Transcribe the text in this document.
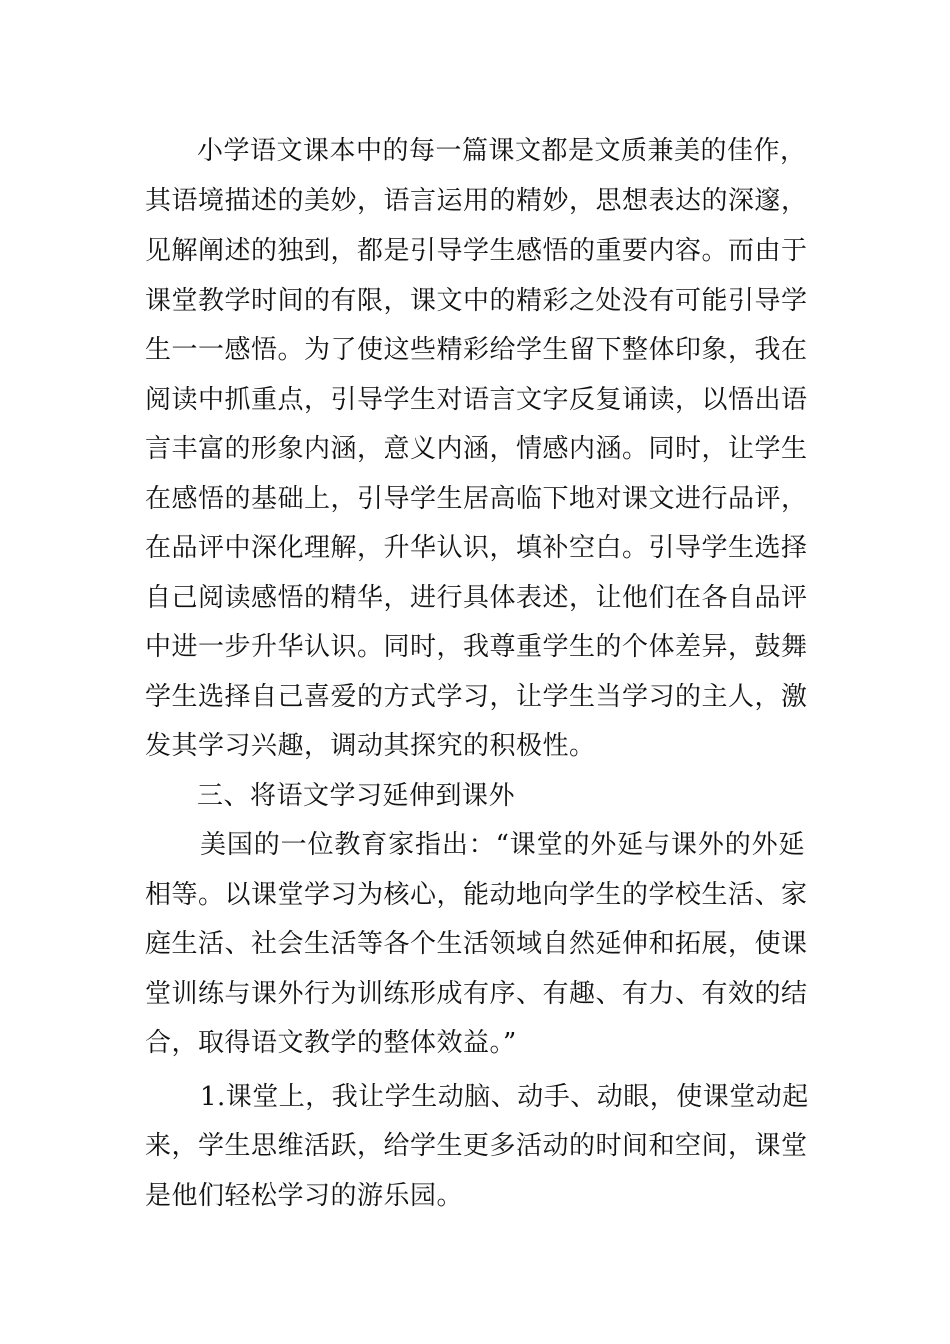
小学语文课本中的每一篇课文都是文质兼美的佳作，
其语境描述的美妙，语言运用的精妙，思想表达的深邃，
见解阐述的独到，都是引导学生感悟的重要内容。而由于
课堂教学时间的有限，课文中的精彩之处没有可能引导学
生一一感悟。为了使这些精彩给学生留下整体印象，我在
阅读中抓重点，引导学生对语言文字反复诵读，以悟出语
言丰富的形象内涵，意义内涵，情感内涵。同时，让学生
在感悟的基础上，引导学生居高临下地对课文进行品评，
在品评中深化理解，升华认识，填补空白。引导学生选择
自己阅读感悟的精华，进行具体表述，让他们在各自品评
中进一步升华认识。同时，我尊重学生的个体差异，鼓舞
学生选择自己喜爱的方式学习，让学生当学习的主人，激
发其学习兴趣，调动其探究的积极性。
三、将语文学习延伸到课外
美国的一位教育家指出：“课堂的外延与课外的外延
相等。以课堂学习为核心，能动地向学生的学校生活、家
庭生活、社会生活等各个生活领域自然延伸和拓展，使课
堂训练与课外行为训练形成有序、有趣、有力、有效的结
合，取得语文教学的整体效益。”
1.课堂上，我让学生动脑、动手、动眼，使课堂动起
来，学生思维活跃，给学生更多活动的时间和空间，课堂
是他们轻松学习的游乐园。
